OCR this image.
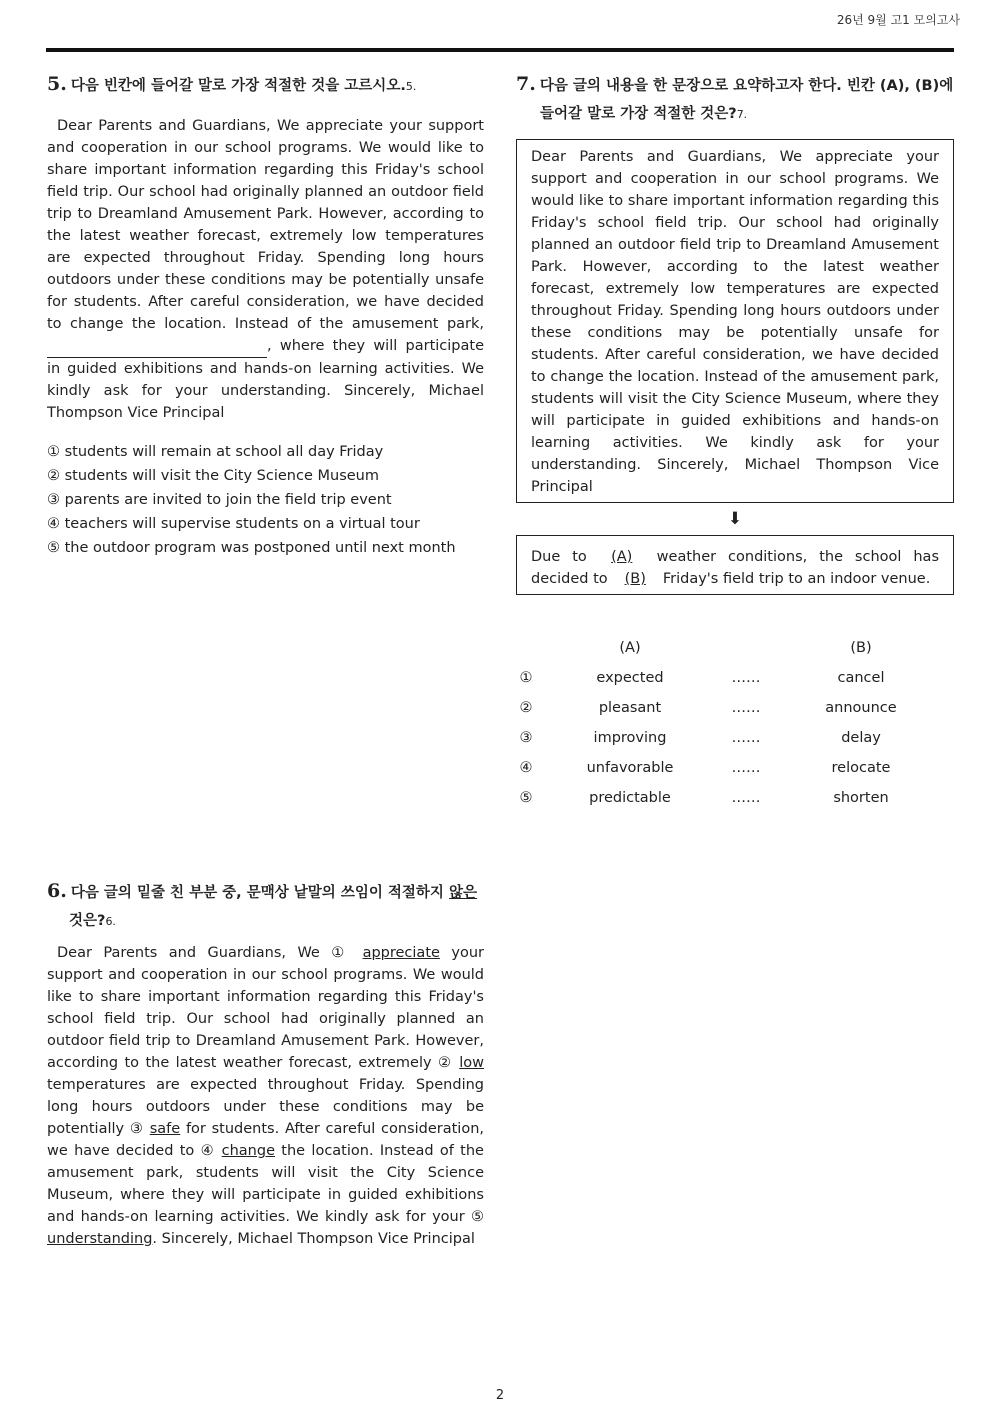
26년 9월 고1 모의고사

5. 다음 빈칸에 들어갈 말로 가장 적절한 것을 고르시오.5.

Dear Parents and Guardians, We appreciate your support and cooperation in our school programs. We would like to share important information regarding this Friday's school field trip. Our school had originally planned an outdoor field trip to Dreamland Amusement Park. However, according to the latest weather forecast, extremely low temperatures are expected throughout Friday. Spending long hours outdoors under these conditions may be potentially unsafe for students. After careful consideration, we have decided to change the location. Instead of the amusement park,  , where they will participate in guided exhibitions and hands-on learning activities. We kindly ask for your understanding. Sincerely, Michael Thompson Vice Principal

① students will remain at school all day Friday
② students will visit the City Science Museum
③ parents are invited to join the field trip event
④ teachers will supervise students on a virtual tour
⑤ the outdoor program was postponed until next month

6. 다음 글의 밑줄 친 부분 중, 문맥상 낱말의 쓰임이 적절하지 않은

것은?6.

Dear Parents and Guardians, We ① appreciate your support and cooperation in our school programs. We would like to share important information regarding this Friday's school field trip. Our school had originally planned an outdoor field trip to Dreamland Amusement Park. However, according to the latest weather forecast, extremely ② low temperatures are expected throughout Friday. Spending long hours outdoors under these conditions may be potentially ③ safe for students. After careful consideration, we have decided to ④ change the location. Instead of the amusement park, students will visit the City Science Museum, where they will participate in guided exhibitions and hands-on learning activities. We kindly ask for your ⑤ understanding. Sincerely, Michael Thompson Vice Principal

7. 다음 글의 내용을 한 문장으로 요약하고자 한다. 빈칸 (A), (B)에 들어갈 말로 가장 적절한 것은?7.

Dear Parents and Guardians, We appreciate your support and cooperation in our school programs. We would like to share important information regarding this Friday's school field trip. Our school had originally planned an outdoor field trip to Dreamland Amusement Park. However, according to the latest weather forecast, extremely low temperatures are expected throughout Friday. Spending long hours outdoors under these conditions may be potentially unsafe for students. After careful consideration, we have decided to change the location. Instead of the amusement park, students will visit the City Science Museum, where they will participate in guided exhibitions and hands-on learning activities. We kindly ask for your understanding. Sincerely, Michael Thompson Vice Principal
⬇
Due to (A) weather conditions, the school has decided to (B) Friday's field trip to an indoor venue.
	(A)		(B)
①	expected	……	cancel
②	pleasant	……	announce
③	improving	……	delay
④	unfavorable	……	relocate
⑤	predictable	……	shorten
2
